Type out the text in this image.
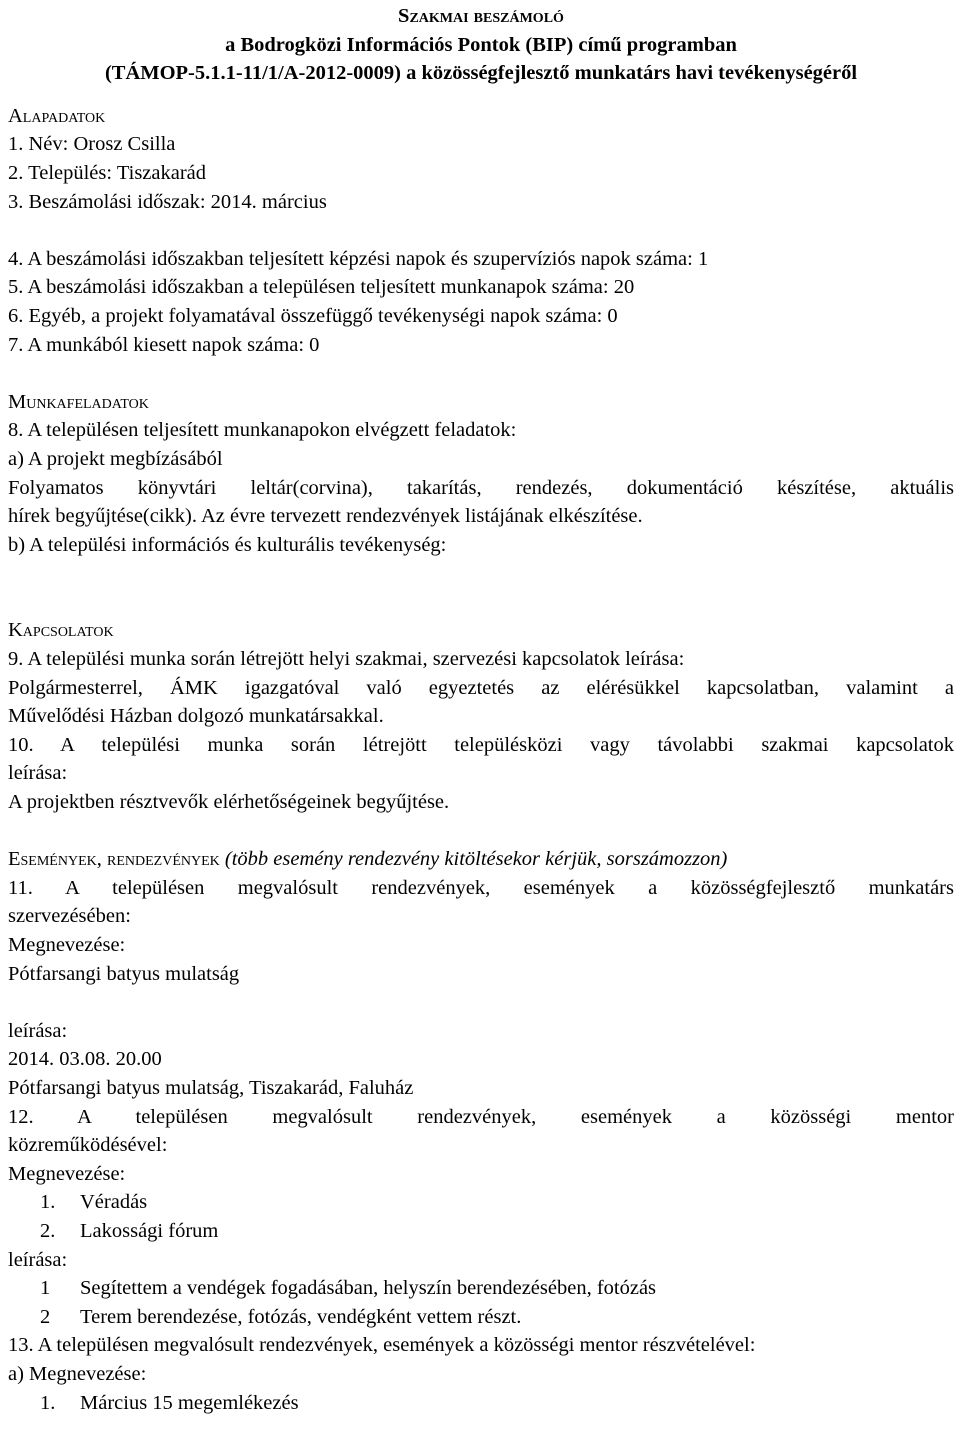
Szakmai beszámoló
a Bodrogközi Információs Pontok (BIP) című programban
(TÁMOP-5.1.1-11/1/A-2012-0009) a közösségfejlesztő munkatárs havi tevékenységéről
Alapadatok
1. Név: Orosz Csilla
2. Település: Tiszakarád
3. Beszámolási időszak: 2014. március
4. A beszámolási időszakban teljesített képzési napok és szupervíziós napok száma: 1
5. A beszámolási időszakban a településen teljesített munkanapok száma: 20
6. Egyéb, a projekt folyamatával összefüggő tevékenységi napok száma: 0
7. A munkából kiesett napok száma: 0
Munkafeladatok
8. A településen teljesített munkanapokon elvégzett feladatok:
a) A projekt megbízásából
Folyamatos könyvtári leltár(corvina), takarítás, rendezés, dokumentáció készítése, aktuális
hírek begyűjtése(cikk). Az évre tervezett rendezvények listájának elkészítése.
b) A települési információs és kulturális tevékenység:
Kapcsolatok
9. A települési munka során létrejött helyi szakmai, szervezési kapcsolatok leírása:
Polgármesterrel, ÁMK igazgatóval való egyeztetés az elérésükkel kapcsolatban, valamint a
Művelődési Házban dolgozó munkatársakkal.
10. A települési munka során létrejött településközi vagy távolabbi szakmai kapcsolatok
leírása:
A projektben résztvevők elérhetőségeinek begyűjtése.
Események, rendezvények (több esemény rendezvény kitöltésekor kérjük, sorszámozzon)
11. A településen megvalósult rendezvények, események a közösségfejlesztő munkatárs
szervezésében:
Megnevezése:
Pótfarsangi batyus mulatság
leírása:
2014. 03.08. 20.00
Pótfarsangi batyus mulatság, Tiszakarád, Faluház
12. A településen megvalósult rendezvények, események a közösségi mentor
közreműködésével:
Megnevezése:
1. Véradás
2. Lakossági fórum
leírása:
1 Segítettem a vendégek fogadásában, helyszín berendezésében, fotózás
2 Terem berendezése, fotózás, vendégként vettem részt.
13. A településen megvalósult rendezvények, események a közösségi mentor részvételével:
a) Megnevezése:
1. Március 15 megemlékezés
